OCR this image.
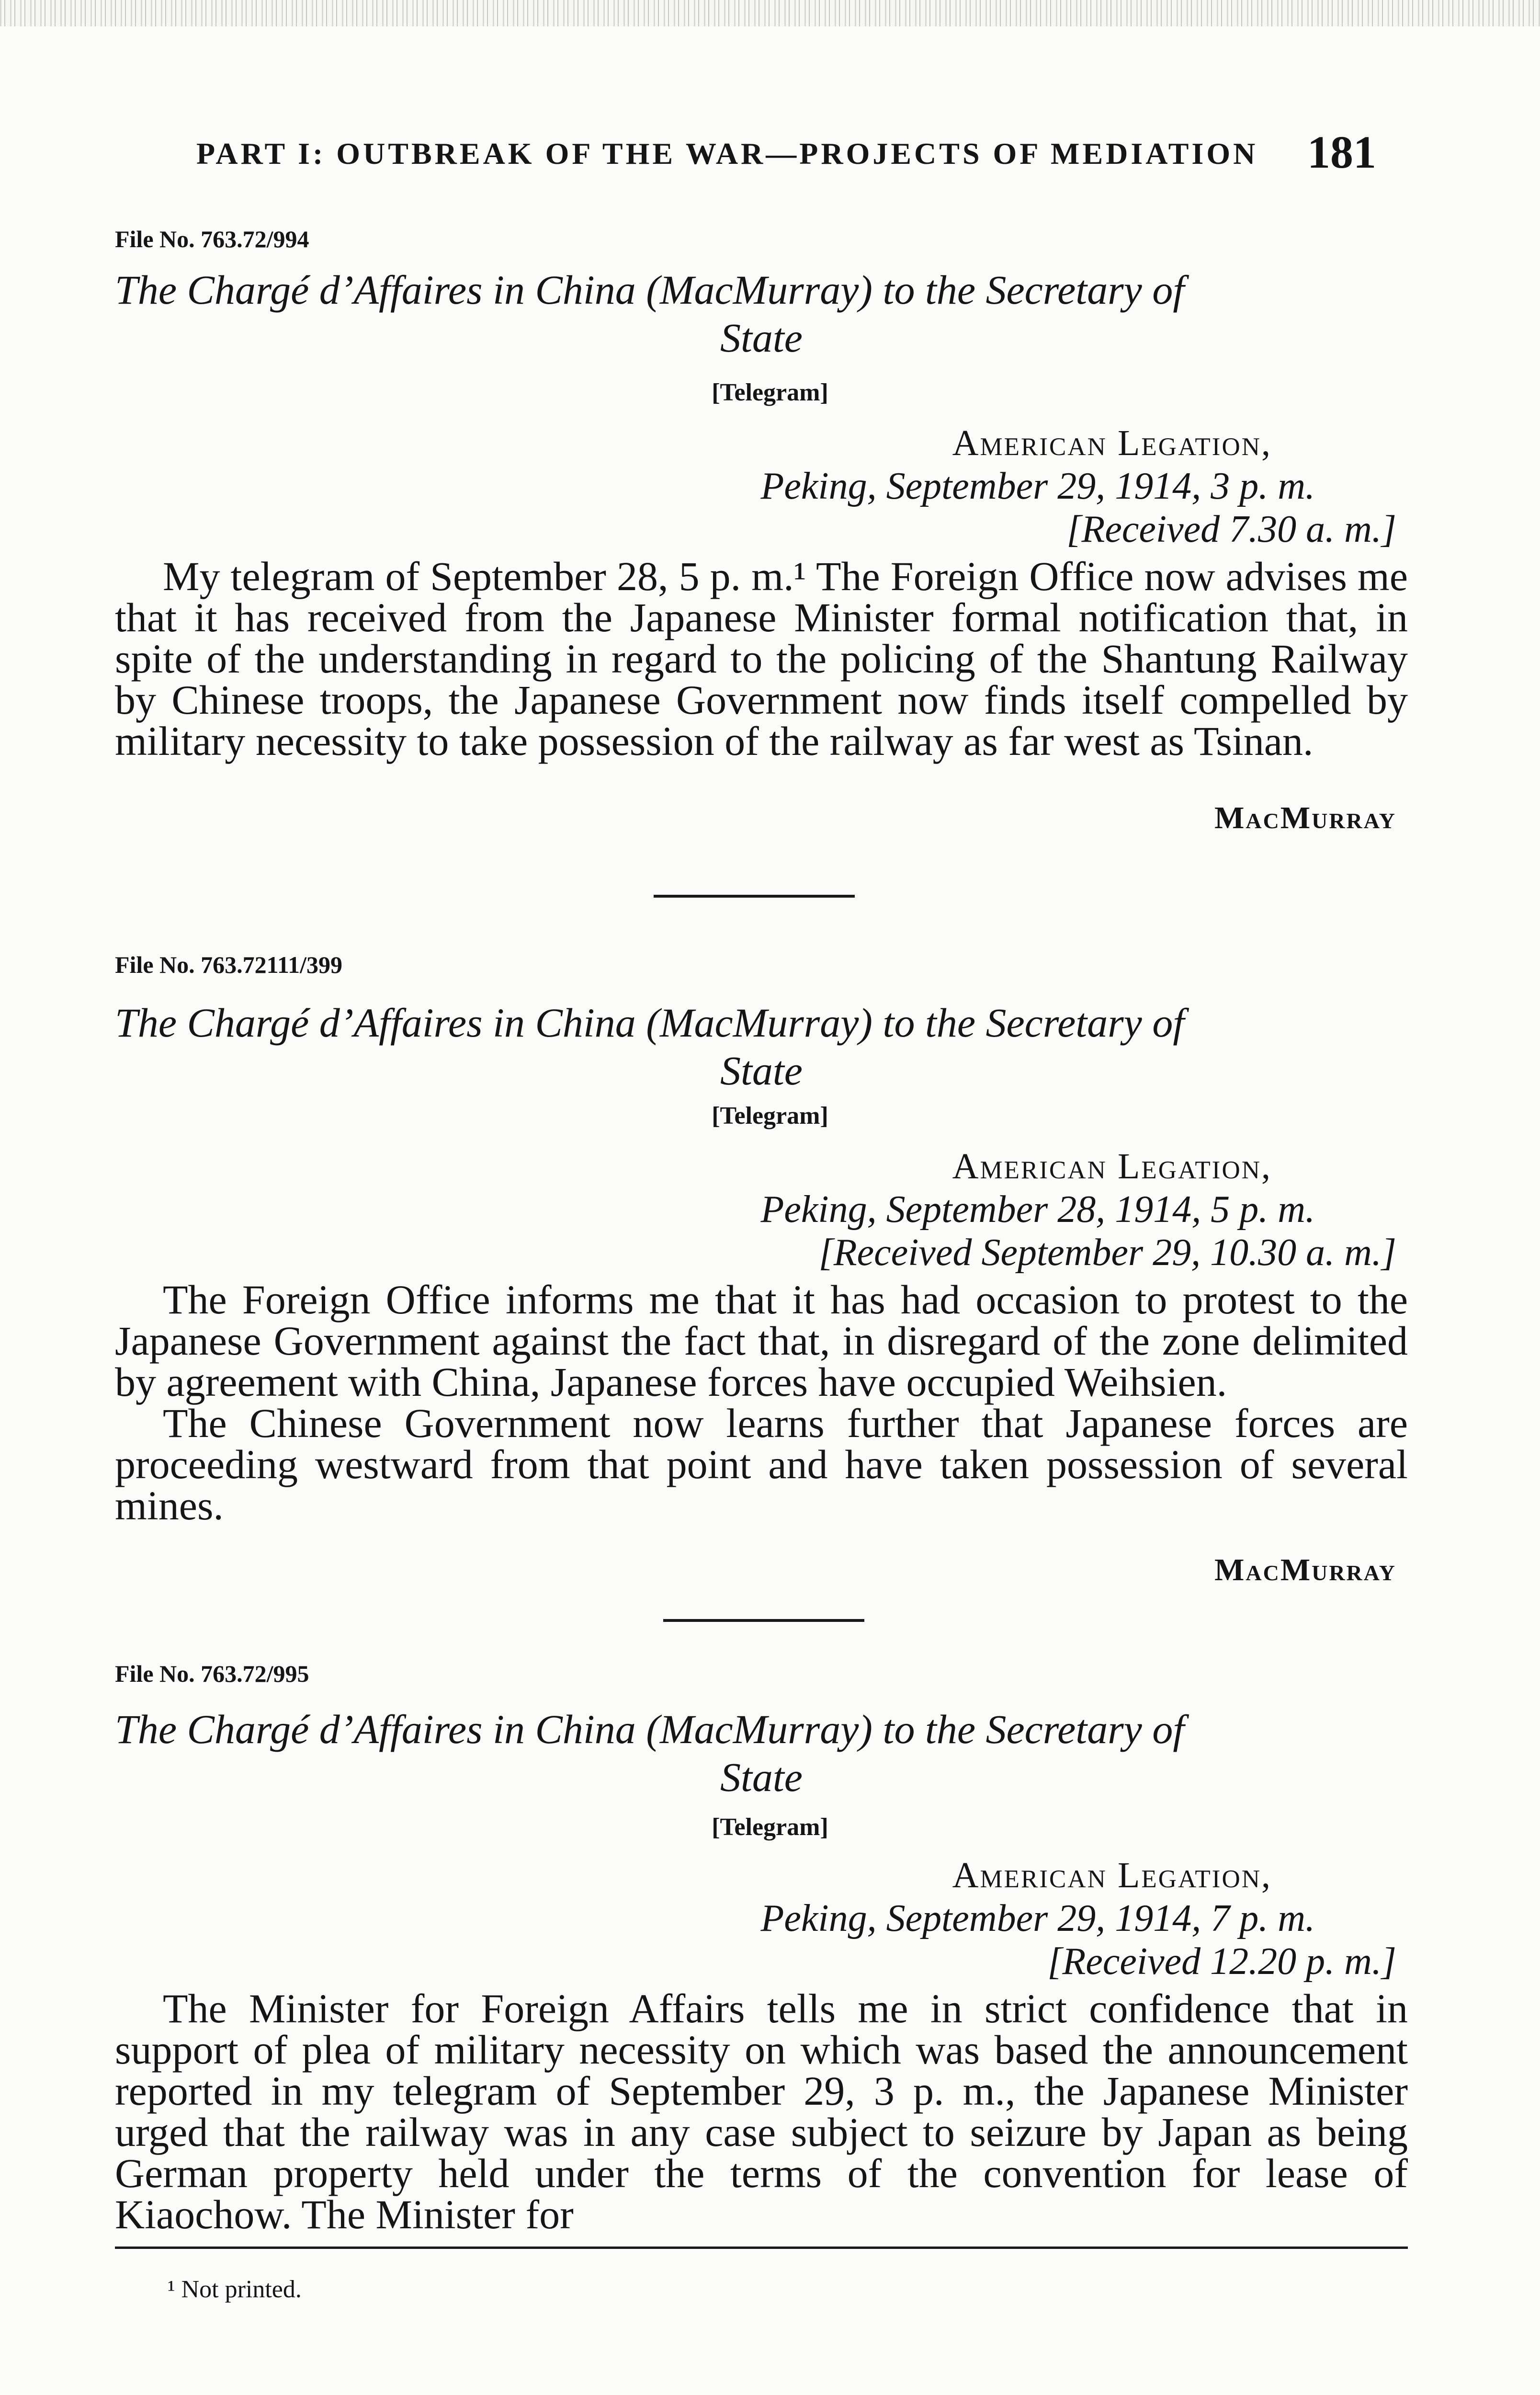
PART I: OUTBREAK OF THE WAR—PROJECTS OF MEDIATION 181
File No. 763.72/994
The Chargé d’Affaires in China (MacMurray) to the Secretary of
State
[Telegram]
American Legation,
Peking, September 29, 1914, 3 p. m.
[Received 7.30 a. m.]

My telegram of September 28, 5 p. m.¹ The Foreign Office now advises me that it has received from the Japanese Minister formal notification that, in spite of the understanding in regard to the policing of the Shantung Railway by Chinese troops, the Japanese Government now finds itself compelled by military necessity to take possession of the railway as far west as Tsinan.

MacMurray
File No. 763.72111/399
The Chargé d’Affaires in China (MacMurray) to the Secretary of
State
[Telegram]
American Legation,
Peking, September 28, 1914, 5 p. m.
[Received September 29, 10.30 a. m.]

The Foreign Office informs me that it has had occasion to protest to the Japanese Government against the fact that, in disregard of the zone delimited by agreement with China, Japanese forces have occupied Weihsien.

The Chinese Government now learns further that Japanese forces are proceeding westward from that point and have taken possession of several mines.

MacMurray
File No. 763.72/995
The Chargé d’Affaires in China (MacMurray) to the Secretary of
State
[Telegram]
American Legation,
Peking, September 29, 1914, 7 p. m.
[Received 12.20 p. m.]

The Minister for Foreign Affairs tells me in strict confidence that in support of plea of military necessity on which was based the announcement reported in my telegram of September 29, 3 p. m., the Japanese Minister urged that the railway was in any case subject to seizure by Japan as being German property held under the terms of the convention for lease of Kiaochow. The Minister for

¹ Not printed.
